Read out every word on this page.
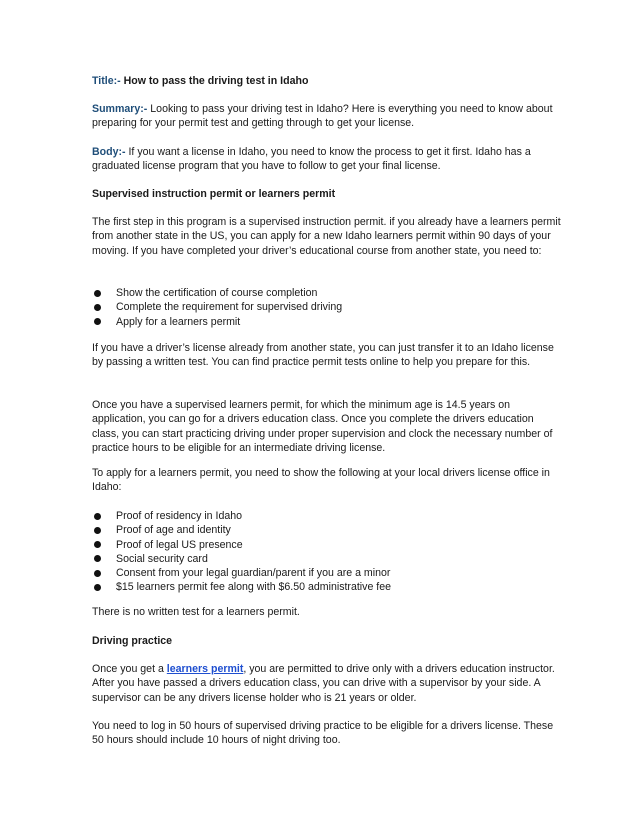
Title:- How to pass the driving test in Idaho

Summary:- Looking to pass your driving test in Idaho? Here is everything you need to know about preparing for your permit test and getting through to get your license.

Body:- If you want a license in Idaho, you need to know the process to get it first. Idaho has a graduated license program that you have to follow to get your final license.

Supervised instruction permit or learners permit

The first step in this program is a supervised instruction permit. if you already have a learners permit from another state in the US, you can apply for a new Idaho learners permit within 90 days of your moving. If you have completed your driver’s educational course from another state, you need to:

Show the certification of course completion
Complete the requirement for supervised driving
Apply for a learners permit

If you have a driver’s license already from another state, you can just transfer it to an Idaho license by passing a written test. You can find practice permit tests online to help you prepare for this.

Once you have a supervised learners permit, for which the minimum age is 14.5 years on application, you can go for a drivers education class. Once you complete the drivers education class, you can start practicing driving under proper supervision and clock the necessary number of practice hours to be eligible for an intermediate driving license.

To apply for a learners permit, you need to show the following at your local drivers license office in Idaho:

Proof of residency in Idaho
Proof of age and identity
Proof of legal US presence
Social security card
Consent from your legal guardian/parent if you are a minor
$15 learners permit fee along with $6.50 administrative fee

There is no written test for a learners permit.

Driving practice

Once you get a learners permit, you are permitted to drive only with a drivers education instructor. After you have passed a drivers education class, you can drive with a supervisor by your side. A supervisor can be any drivers license holder who is 21 years or older.

You need to log in 50 hours of supervised driving practice to be eligible for a drivers license. These 50 hours should include 10 hours of night driving too.
